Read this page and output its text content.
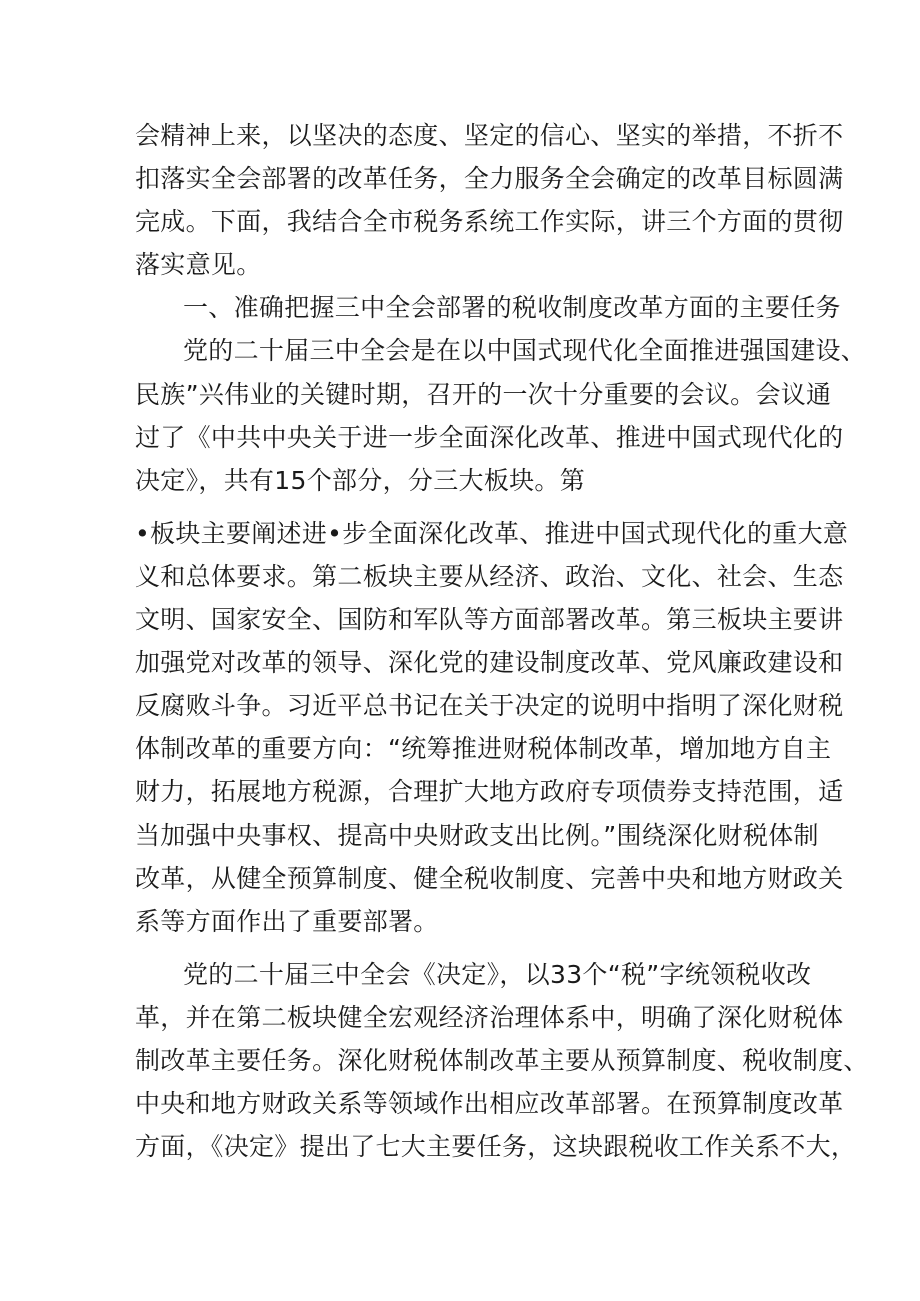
会精神上来，以坚决的态度、坚定的信心、坚实的举措，不折不
扣落实全会部署的改革任务，全力服务全会确定的改革目标圆满
完成。下面，我结合全市税务系统工作实际，讲三个方面的贯彻
落实意见。
一、准确把握三中全会部署的税收制度改革方面的主要任务
党的二十届三中全会是在以中国式现代化全面推进强国建设、
民族”兴伟业的关键时期，召开的一次十分重要的会议。会议通
过了《中共中央关于进一步全面深化改革、推进中国式现代化的
决定》，共有15个部分，分三大板块。第
•板块主要阐述进•步全面深化改革、推进中国式现代化的重大意
义和总体要求。第二板块主要从经济、政治、文化、社会、生态
文明、国家安全、国防和军队等方面部署改革。第三板块主要讲
加强党对改革的领导、深化党的建设制度改革、党风廉政建设和
反腐败斗争。习近平总书记在关于决定的说明中指明了深化财税
体制改革的重要方向：“统筹推进财税体制改革，增加地方自主
财力，拓展地方税源，合理扩大地方政府专项债券支持范围，适
当加强中央事权、提高中央财政支出比例。”围绕深化财税体制
改革，从健全预算制度、健全税收制度、完善中央和地方财政关
系等方面作出了重要部署。
党的二十届三中全会《决定》，以33个“税”字统领税收改
革，并在第二板块健全宏观经济治理体系中，明确了深化财税体
制改革主要任务。深化财税体制改革主要从预算制度、税收制度、
中央和地方财政关系等领域作出相应改革部署。在预算制度改革
方面，《决定》提出了七大主要任务，这块跟税收工作关系不大，
